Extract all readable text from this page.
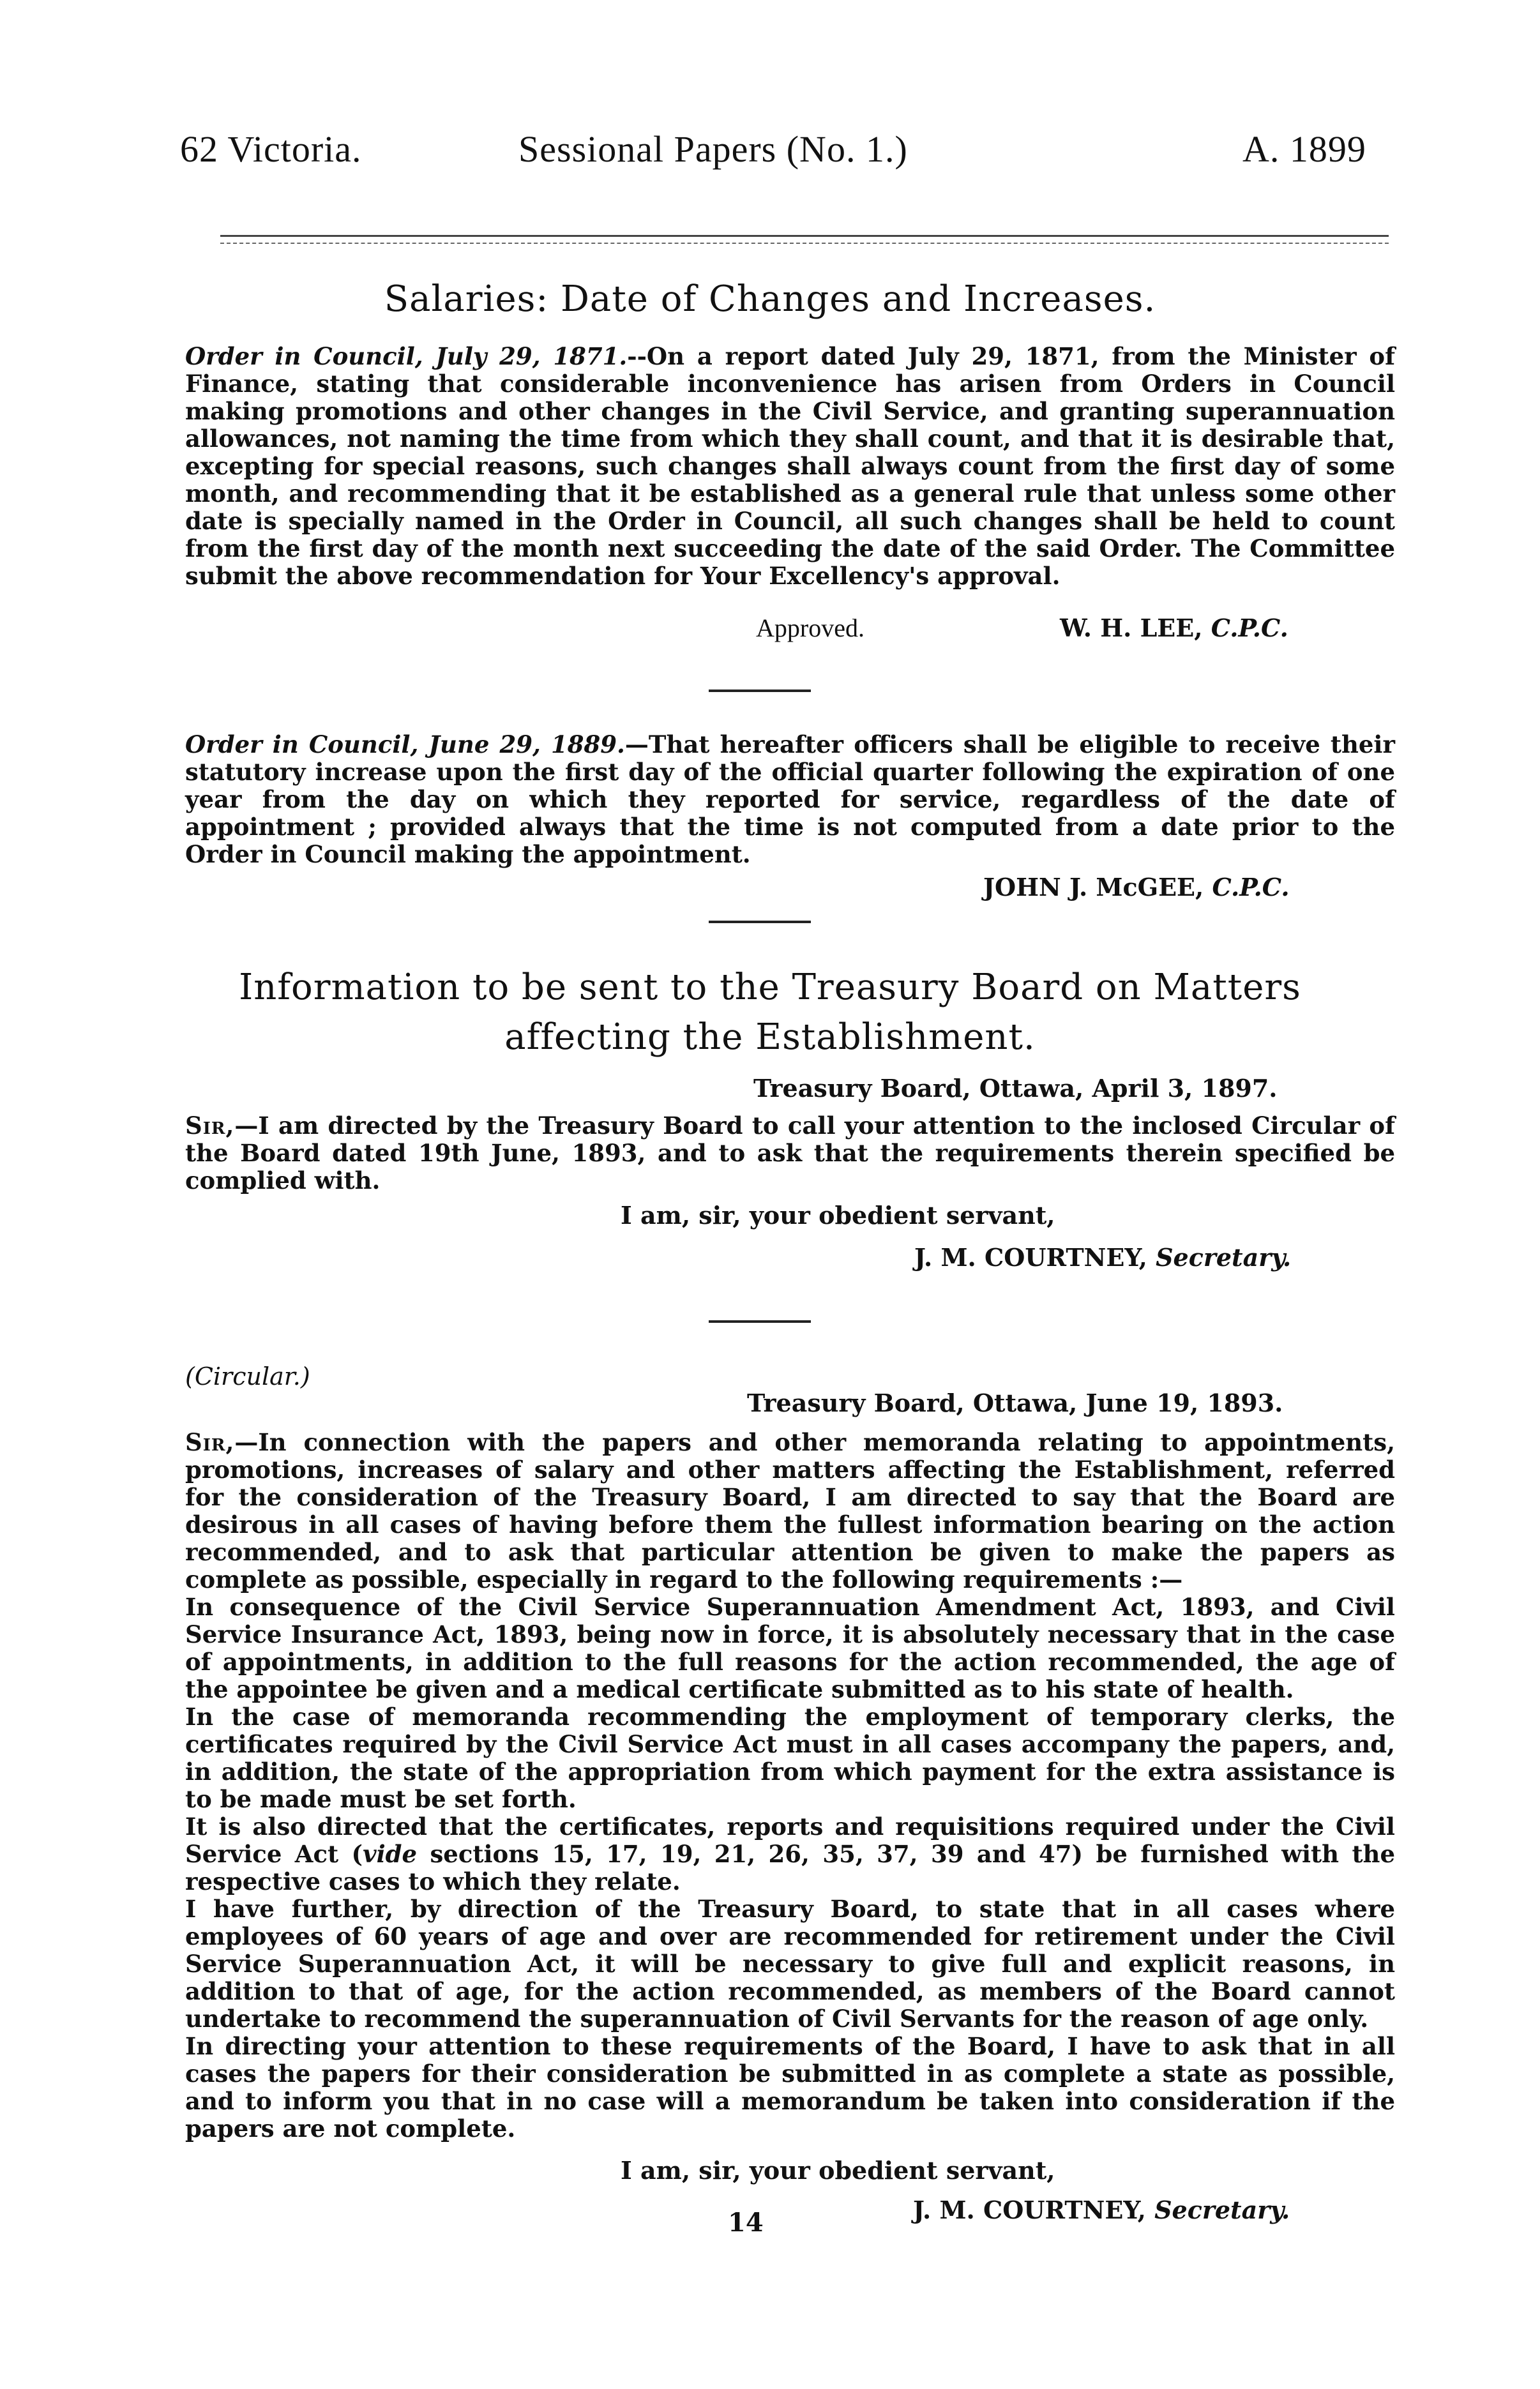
62 Victoria.	Sessional Papers (No. 1.)	A. 1899
Salaries: Date of Changes and Increases.

Order in Council, July 29, 1871.--On a report dated July 29, 1871, from the Minister of Finance, stating that considerable inconvenience has arisen from Orders in Council making promotions and other changes in the Civil Service, and granting superannuation allowances, not naming the time from which they shall count, and that it is desirable that, excepting for special reasons, such changes shall always count from the first day of some month, and recommending that it be established as a general rule that unless some other date is specially named in the Order in Council, all such changes shall be held to count from the first day of the month next succeeding the date of the said Order. The Committee submit the above recommendation for Your Excellency's approval.

Approved.	W. H. LEE, C.P.C.

Order in Council, June 29, 1889.—That hereafter officers shall be eligible to receive their statutory increase upon the first day of the official quarter following the expiration of one year from the day on which they reported for service, regardless of the date of appointment ; provided always that the time is not computed from a date prior to the Order in Council making the appointment.

JOHN J. McGEE, C.P.C.
Information to be sent to the Treasury Board on Matters
affecting the Establishment.
Treasury Board, Ottawa, April 3, 1897.

Sir,—I am directed by the Treasury Board to call your attention to the inclosed Circular of the Board dated 19th June, 1893, and to ask that the requirements therein specified be complied with.

I am, sir, your obedient servant,
J. M. COURTNEY, Secretary.
(Circular.)
Treasury Board, Ottawa, June 19, 1893.

Sir,—In connection with the papers and other memoranda relating to appointments, promotions, increases of salary and other matters affecting the Establishment, referred for the consideration of the Treasury Board, I am directed to say that the Board are desirous in all cases of having before them the fullest information bearing on the action recommended, and to ask that particular attention be given to make the papers as complete as possible, especially in regard to the following requirements :—

In consequence of the Civil Service Superannuation Amendment Act, 1893, and Civil Service Insurance Act, 1893, being now in force, it is absolutely necessary that in the case of appointments, in addition to the full reasons for the action recommended, the age of the appointee be given and a medical certificate submitted as to his state of health.

In the case of memoranda recommending the employment of temporary clerks, the certificates required by the Civil Service Act must in all cases accompany the papers, and, in addition, the state of the appropriation from which payment for the extra assistance is to be made must be set forth.

It is also directed that the certificates, reports and requisitions required under the Civil Service Act (vide sections 15, 17, 19, 21, 26, 35, 37, 39 and 47) be furnished with the respective cases to which they relate.

I have further, by direction of the Treasury Board, to state that in all cases where employees of 60 years of age and over are recommended for retirement under the Civil Service Superannuation Act, it will be necessary to give full and explicit reasons, in addition to that of age, for the action recommended, as members of the Board cannot undertake to recommend the superannuation of Civil Servants for the reason of age only.

In directing your attention to these requirements of the Board, I have to ask that in all cases the papers for their consideration be submitted in as complete a state as possible, and to inform you that in no case will a memorandum be taken into consideration if the papers are not complete.

I am, sir, your obedient servant,
J. M. COURTNEY, Secretary.
14
